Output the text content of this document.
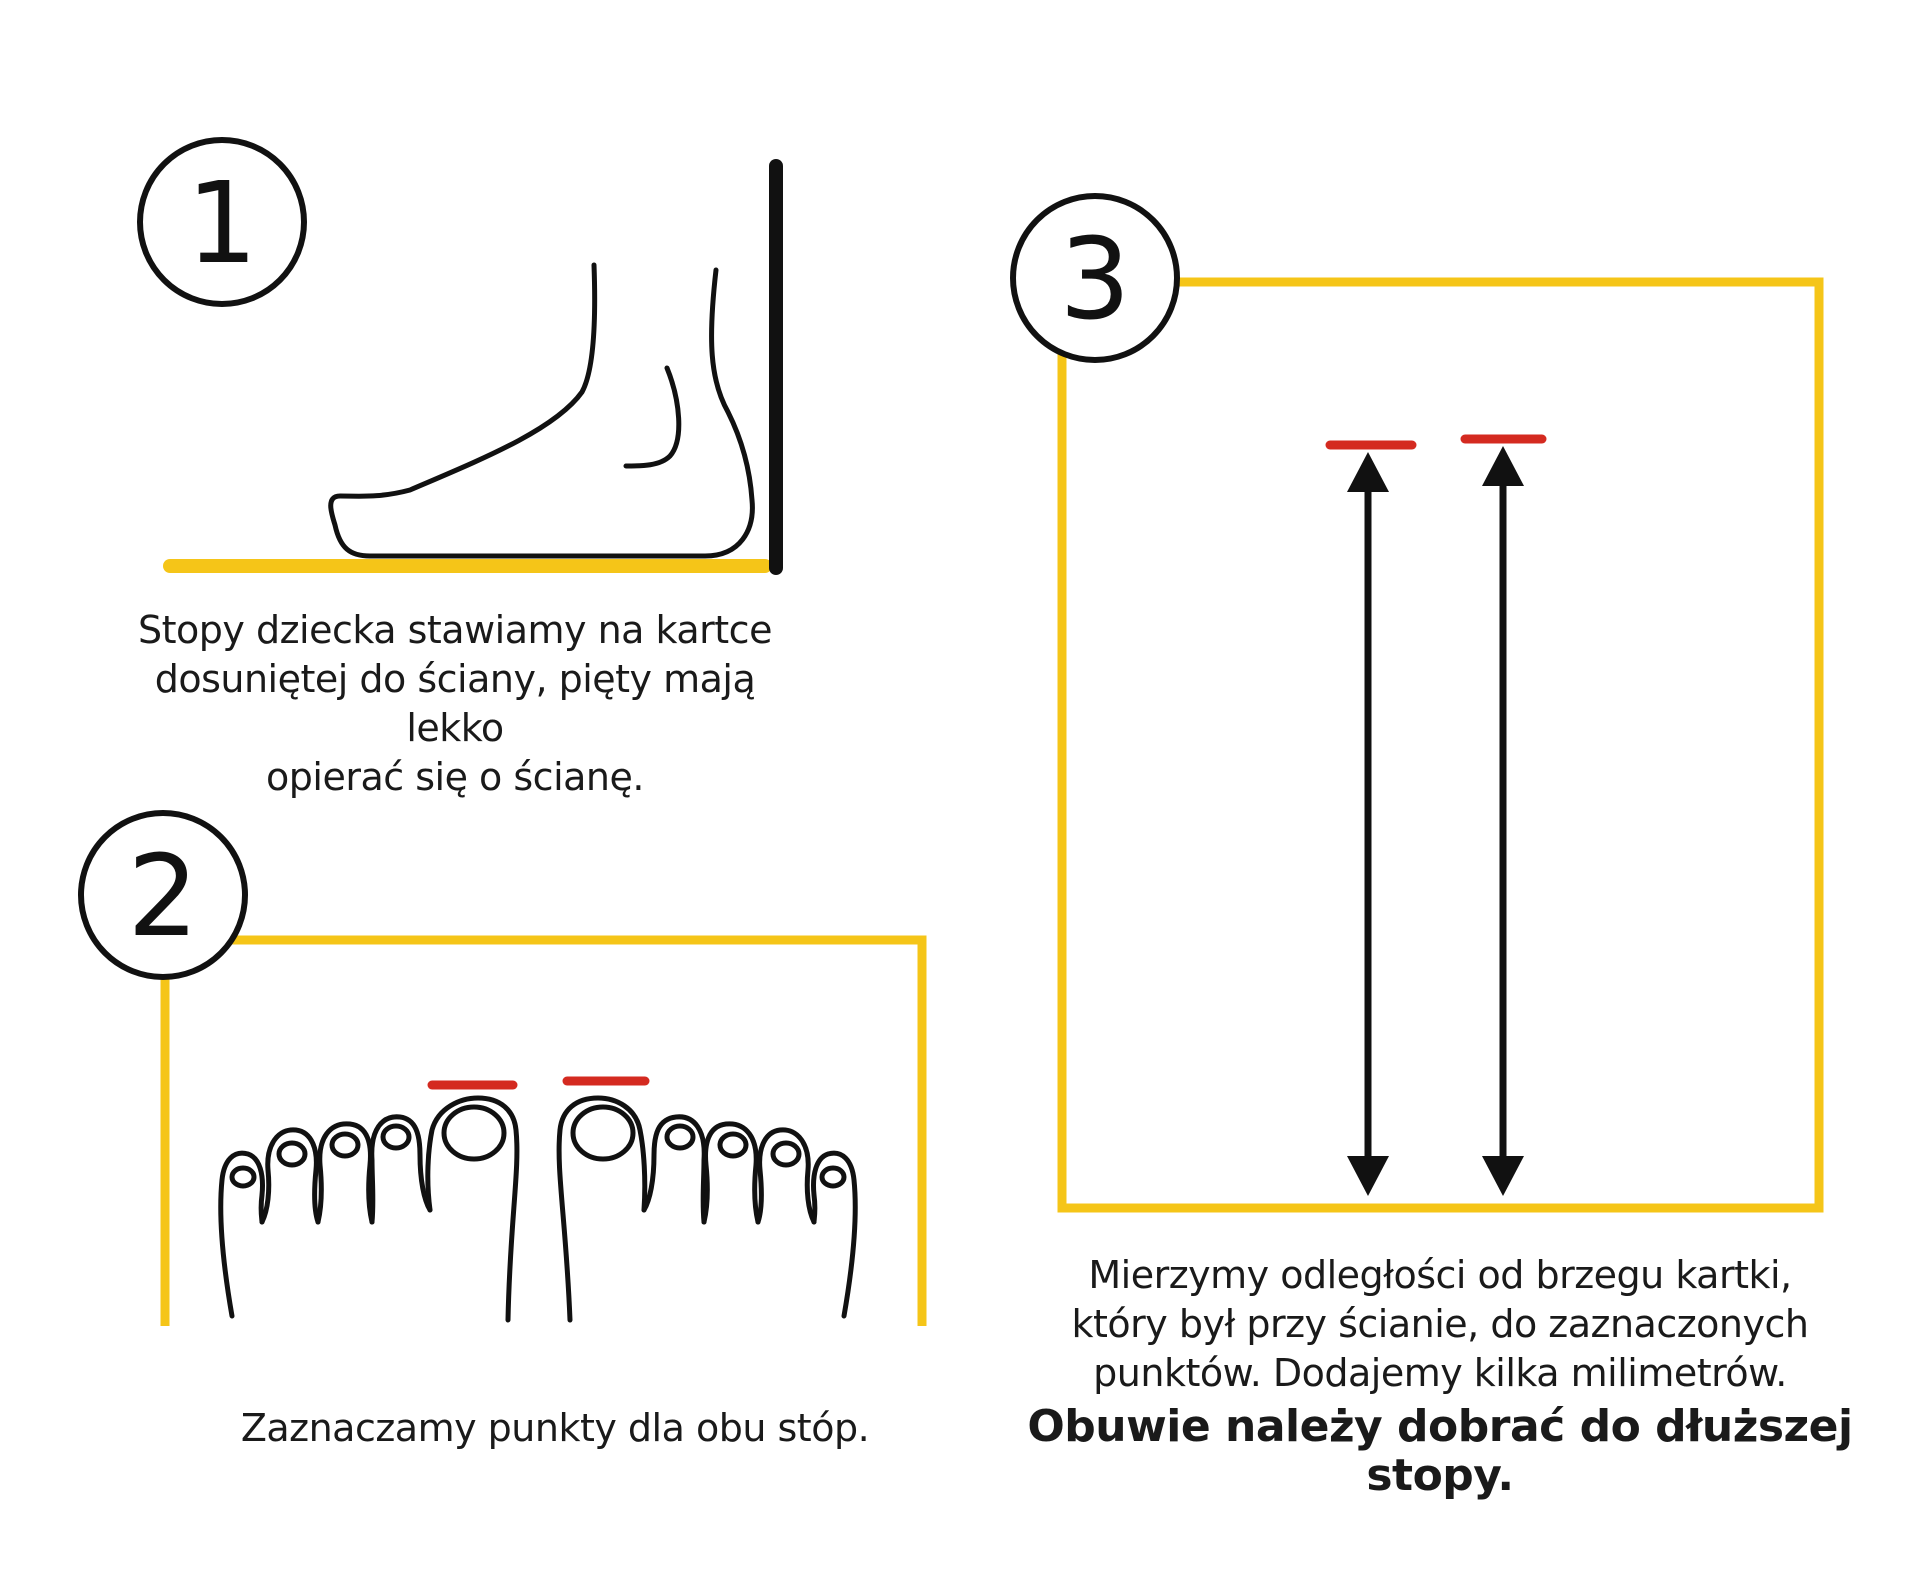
1
2
3
Stopy dziecka stawiamy na kartce
dosuniętej do ściany, pięty mają lekko
opierać się o ścianę.
Zaznaczamy punkty dla obu stóp.
Mierzymy odległości od brzegu kartki,
który był przy ścianie, do zaznaczonych
punktów. Dodajemy kilka milimetrów.
Obuwie należy dobrać do dłuższej stopy.
